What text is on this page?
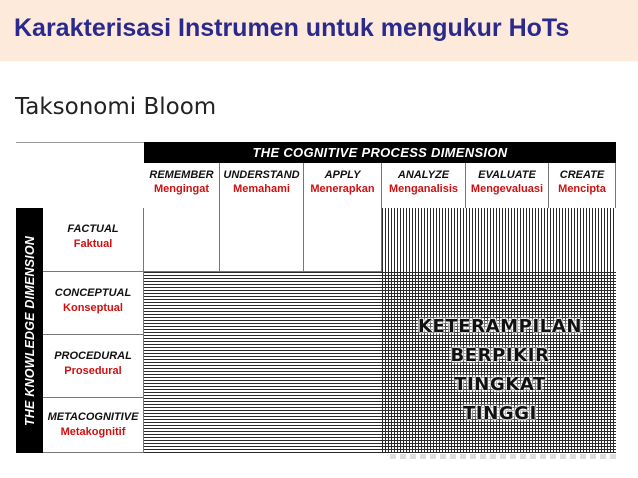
Karakterisasi Instrumen untuk mengukur HoTs
Taksonomi Bloom
THE COGNITIVE PROCESS DIMENSION
REMEMBER
Mengingat
UNDERSTAND
Memahami
APPLY
Menerapkan
ANALYZE
Menganalisis
EVALUATE
Mengevaluasi
CREATE
Mencipta
THE KNOWLEDGE DIMENSION
FACTUAL
Faktual
CONCEPTUAL
Konseptual
PROCEDURAL
Prosedural
METACOGNITIVE
Metakognitif
KETERAMPILAN
BERPIKIR
TINGKAT
TINGGI
